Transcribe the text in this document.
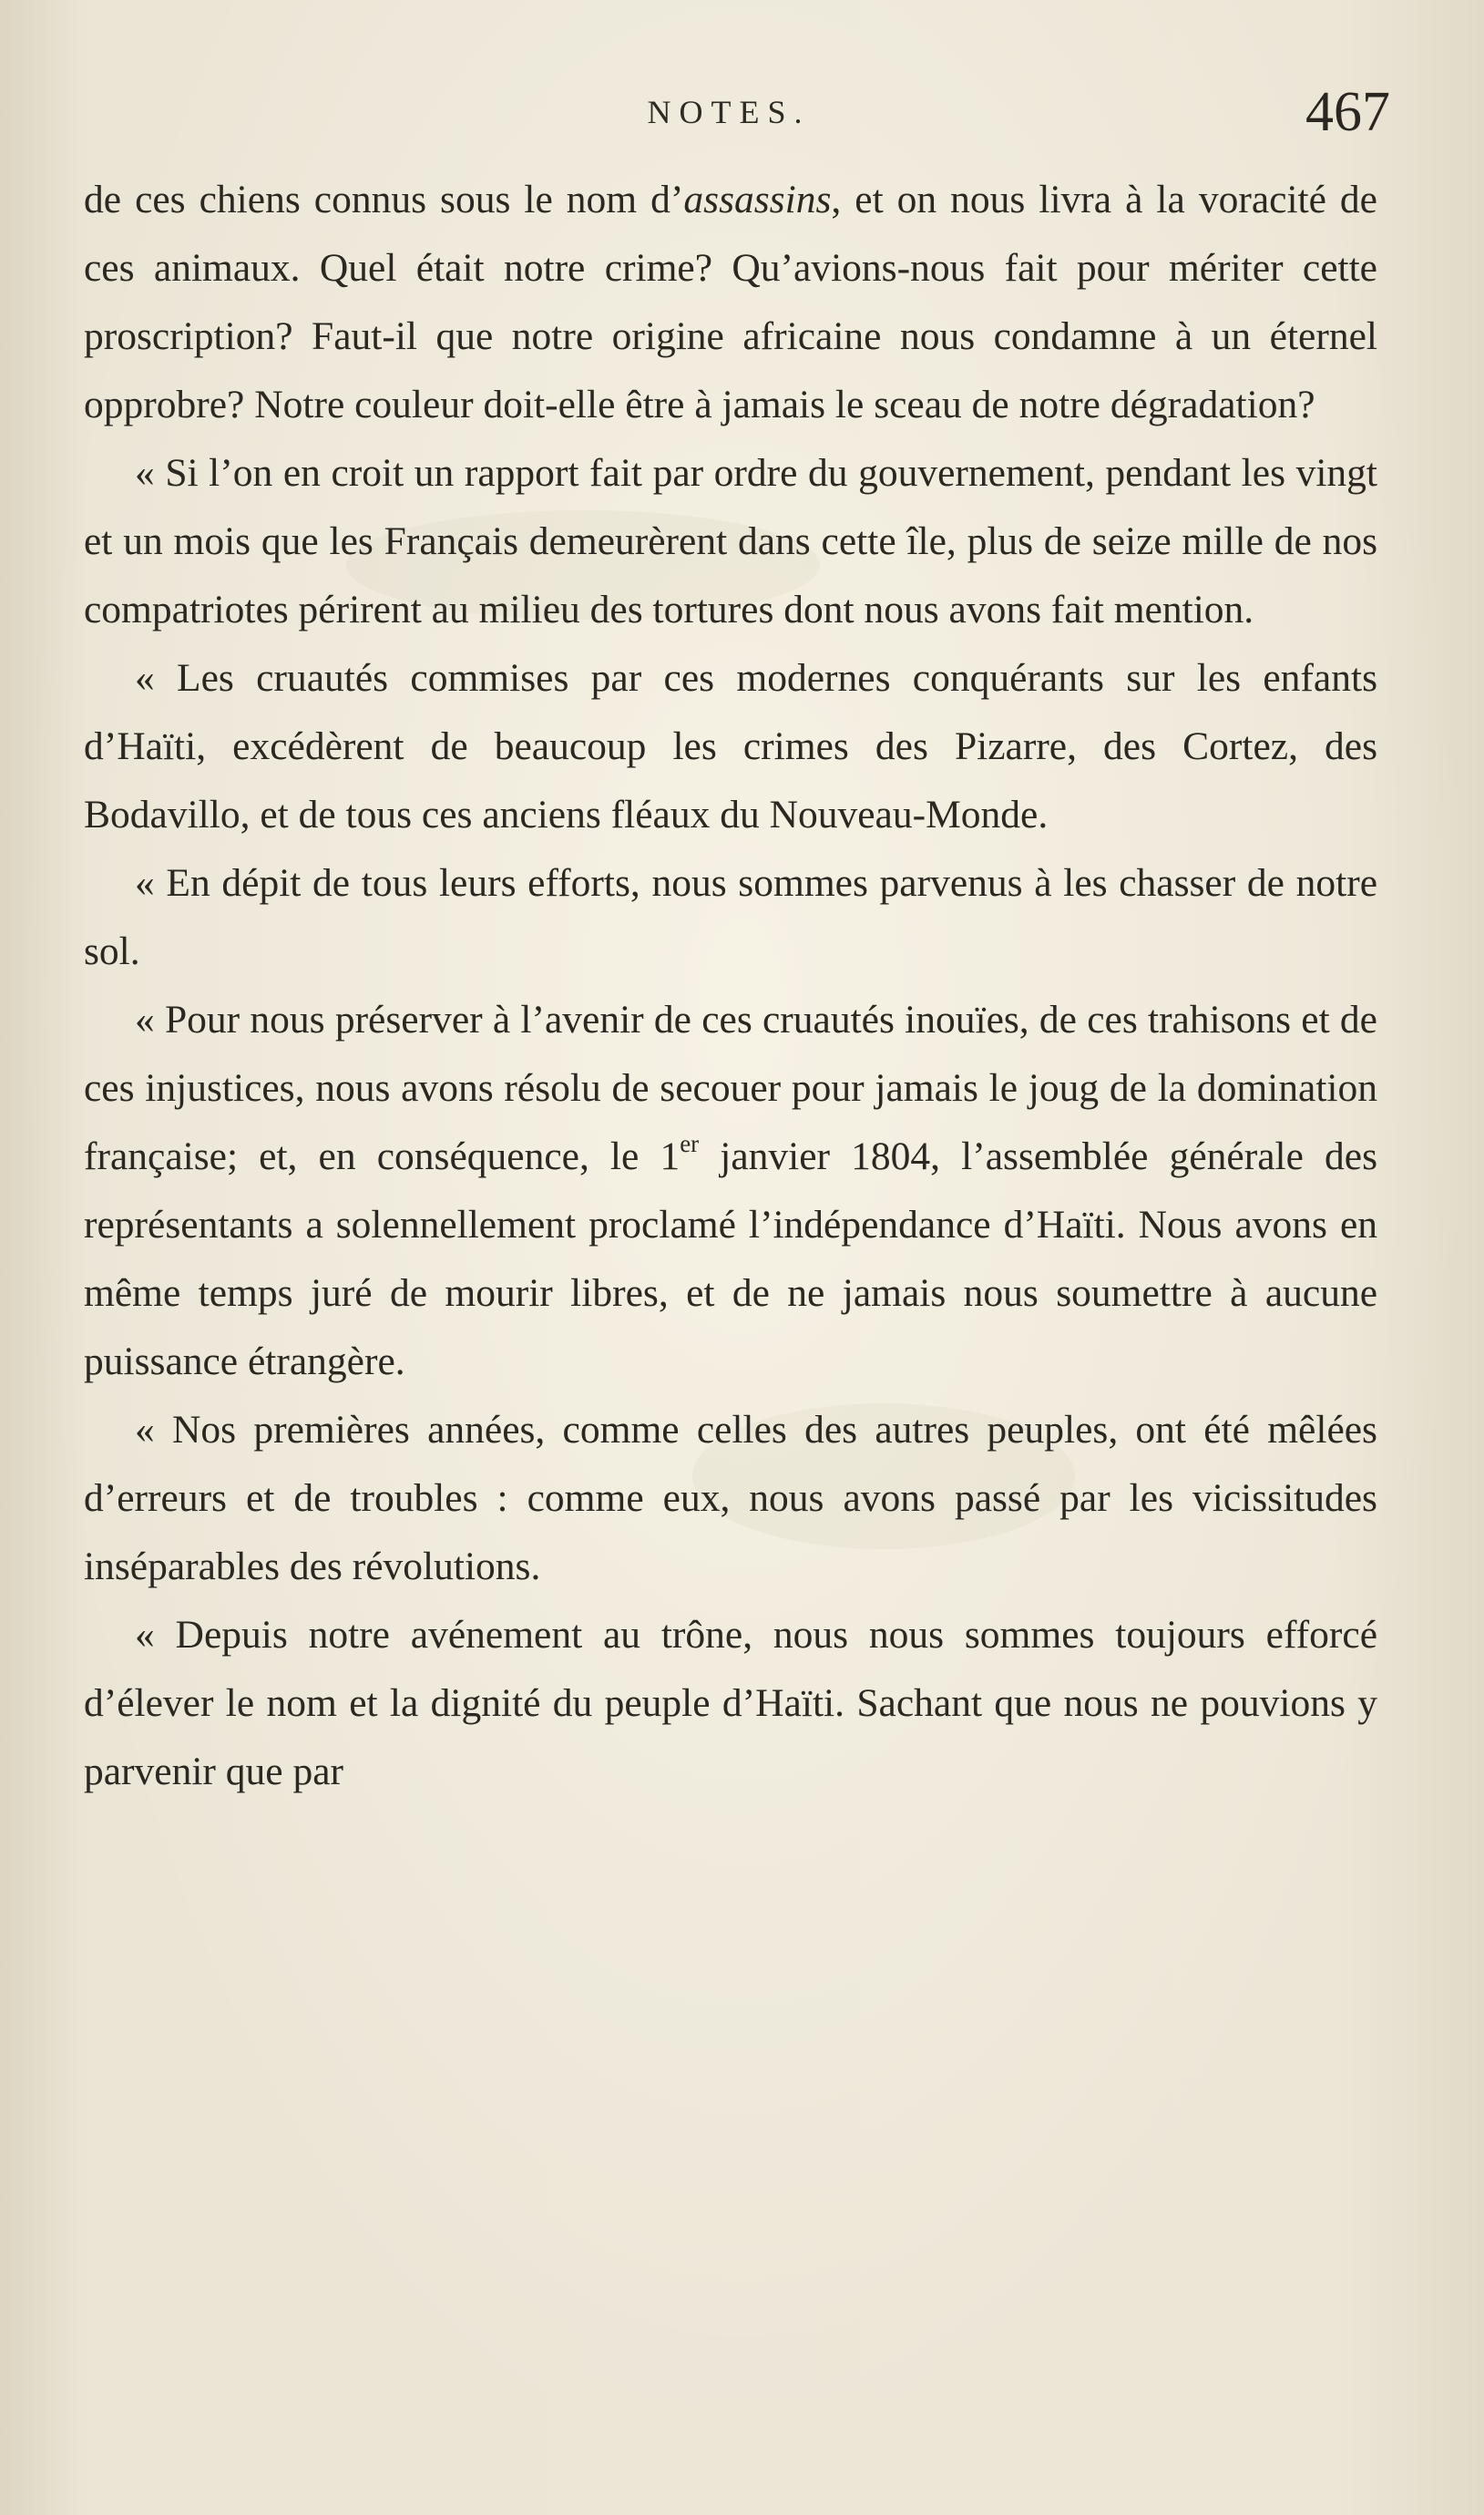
NOTES.	467

de ces chiens connus sous le nom d’assassins, et on nous livra à la voracité de ces animaux. Quel était notre crime? Qu’avions-nous fait pour mériter cette proscription? Faut-il que notre origine africaine nous condamne à un éternel opprobre? Notre couleur doit-elle être à jamais le sceau de notre dégradation?

« Si l’on en croit un rapport fait par ordre du gouvernement, pendant les vingt et un mois que les Français demeurèrent dans cette île, plus de seize mille de nos compatriotes périrent au milieu des tortures dont nous avons fait mention.

« Les cruautés commises par ces modernes conquérants sur les enfants d’Haïti, excédèrent de beaucoup les crimes des Pizarre, des Cortez, des Bodavillo, et de tous ces anciens fléaux du Nouveau-Monde.

« En dépit de tous leurs efforts, nous sommes parvenus à les chasser de notre sol.

« Pour nous préserver à l’avenir de ces cruautés inouïes, de ces trahisons et de ces injustices, nous avons résolu de secouer pour jamais le joug de la domination française; et, en conséquence, le 1er janvier 1804, l’assemblée générale des représentants a solennellement proclamé l’indépendance d’Haïti. Nous avons en même temps juré de mourir libres, et de ne jamais nous soumettre à aucune puissance étrangère.

« Nos premières années, comme celles des autres peuples, ont été mêlées d’erreurs et de troubles : comme eux, nous avons passé par les vicissitudes inséparables des révolutions.

« Depuis notre avénement au trône, nous nous sommes toujours efforcé d’élever le nom et la dignité du peuple d’Haïti. Sachant que nous ne pouvions y parvenir que par
